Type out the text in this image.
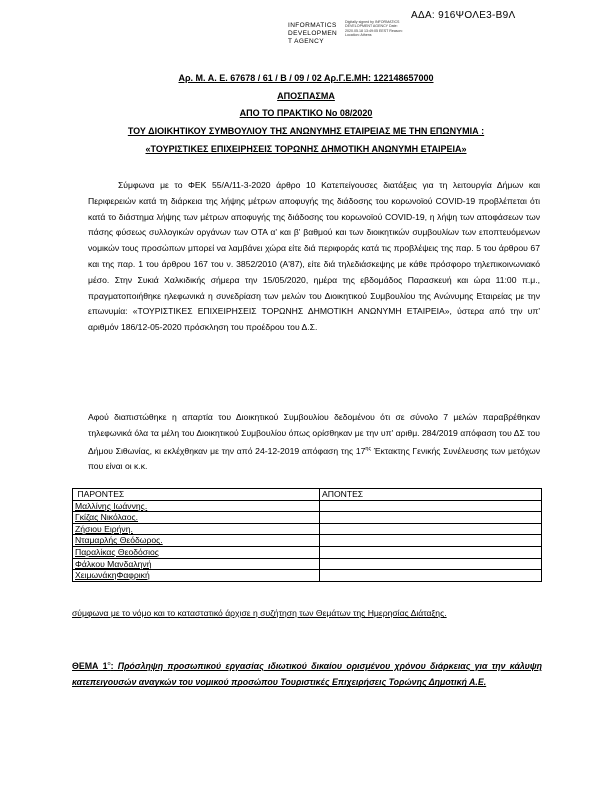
ΑΔΑ: 916ΨΟΛΕ3-Β9Λ
INFORMATICS
DEVELOPMEN
T AGENCY
Digitally signed by INFORMATICS DEVELOPMENT AGENCY Date: 2020.05.18 13:49:05 EEST Reason: Location: Athens
Αρ. Μ. Α. Ε. 67678 / 61 / Β / 09 / 02 Αρ.Γ.Ε.ΜΗ: 122148657000
ΑΠΟΣΠΑΣΜΑ
ΑΠΟ ΤΟ ΠΡΑΚΤΙΚΟ Νο 08/2020
ΤΟΥ ΔΙΟΙΚΗΤΙΚΟΥ ΣΥΜΒΟΥΛΙΟΥ ΤΗΣ ΑΝΩΝΥΜΗΣ ΕΤΑΙΡΕΙΑΣ ΜΕ ΤΗΝ ΕΠΩΝΥΜΙΑ :
«ΤΟΥΡΙΣΤΙΚΕΣ ΕΠΙΧΕΙΡΗΣΕΙΣ ΤΟΡΩΝΗΣ ΔΗΜΟΤΙΚΗ ΑΝΩΝΥΜΗ ΕΤΑΙΡΕΙΑ»

Σύμφωνα με το ΦΕΚ 55/Α/11-3-2020 άρθρο 10 Κατεπείγουσες διατάξεις για τη λειτουργία Δήμων και Περιφερειών κατά τη διάρκεια της λήψης μέτρων αποφυγής της διάδοσης του κορωνοϊού COVID-19 προβλέπεται ότι κατά το διάστημα λήψης των μέτρων αποφυγής της διάδοσης του κορωνοϊού COVID-19, η λήψη των αποφάσεων των πάσης φύσεως συλλογικών οργάνων των ΟΤΑ α' και β' βαθμού και των διοικητικών συμβουλίων των εποπτευόμενων νομικών τους προσώπων μπορεί να λαμβάνει χώρα είτε διά περιφοράς κατά τις προβλέψεις της παρ. 5 του άρθρου 67 και της παρ. 1 του άρθρου 167 του ν. 3852/2010 (Α'87), είτε διά τηλεδιάσκεψης με κάθε πρόσφορο τηλεπικοινωνιακό μέσο. Στην Συκιά Χαλκιδικής σήμερα την 15/05/2020, ημέρα της εβδομάδος Παρασκευή και ώρα 11:00 π.μ., πραγματοποιήθηκε ηλεφωνικά η συνεδρίαση των μελών του Διοικητικού Συμβουλίου της Ανώνυμης Εταιρείας με την επωνυμία: «ΤΟΥΡΙΣΤΙΚΕΣ ΕΠΙΧΕΙΡΗΣΕΙΣ ΤΟΡΩΝΗΣ ΔΗΜΟΤΙΚΗ ΑΝΩΝΥΜΗ ΕΤΑΙΡΕΙΑ», ύστερα από την υπ' αριθμόν 186/12-05-2020 πρόσκληση του προέδρου του Δ.Σ.

Αφού διαπιστώθηκε η απαρτία του Διοικητικού Συμβουλίου δεδομένου ότι σε σύνολο 7 μελών παραβρέθηκαν τηλεφωνικά όλα τα μέλη του Διοικητικού Συμβουλίου όπως ορίσθηκαν με την υπ' αριθμ. 284/2019 απόφαση του ΔΣ του Δήμου Σιθωνίας, κι εκλέχθηκαν με την από 24-12-2019 απόφαση της $17^{\eta\varsigma}$ Έκτακτης Γενικής Συνέλευσης των μετόχων που είναι οι κ.κ.

ΠΑΡΟΝΤΕΣ	ΑΠΟΝΤΕΣ
Μαλλίνης Ιωάννης.	
Γκίζας Νικόλαος.	
Ζήσιου Ειρήνη.	
Νταμαρλής Θεόδωρος.	
Παραλίκας Θεοδόσιος	
Φάλκου Μανδαληνή	
ΧειμωνάκηΦαφρική	

σύμφωνα με το νόμο και το καταστατικό άρχισε η συζήτηση των Θεμάτων της Ημερησίας Διάταξης.

ΘΕΜΑ $1^o$: Πρόσληψη προσωπικού εργασίας ιδιωτικού δικαίου ορισμένου χρόνου διάρκειας για την κάλυψη κατεπειγουσών αναγκών του νομικού προσώπου Τουριστικές Επιχειρήσεις Τορώνης Δημοτική Α.Ε.
